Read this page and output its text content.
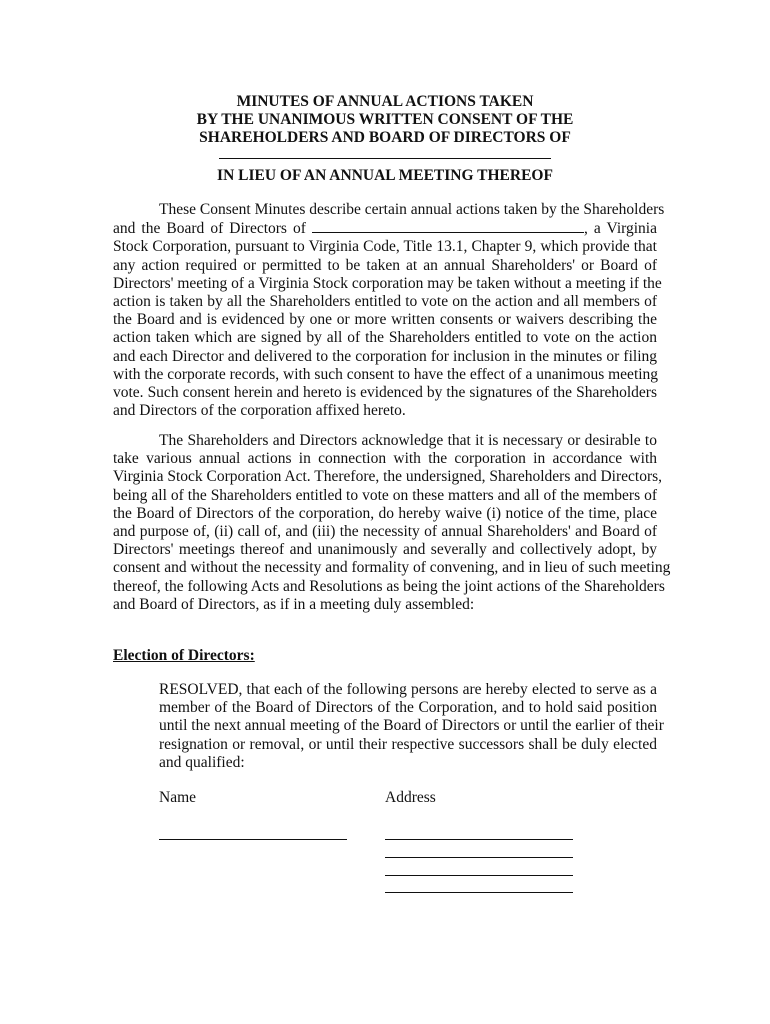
MINUTES OF ANNUAL ACTIONS TAKEN
BY THE UNANIMOUS WRITTEN CONSENT OF THE
SHAREHOLDERS AND BOARD OF DIRECTORS OF
IN LIEU OF AN ANNUAL MEETING THEREOF
These Consent Minutes describe certain annual actions taken by the Shareholders
and the Board of Directors of	, a Virginia
Stock Corporation, pursuant to Virginia Code, Title 13.1, Chapter 9, which provide that
any action required or permitted to be taken at an annual Shareholders' or Board of
Directors' meeting of a Virginia Stock corporation may be taken without a meeting if the
action is taken by all the Shareholders entitled to vote on the action and all members of
the Board and is evidenced by one or more written consents or waivers describing the
action taken which are signed by all of the Shareholders entitled to vote on the action
and each Director and delivered to the corporation for inclusion in the minutes or filing
with the corporate records, with such consent to have the effect of a unanimous meeting
vote. Such consent herein and hereto is evidenced by the signatures of the Shareholders
and Directors of the corporation affixed hereto.
The Shareholders and Directors acknowledge that it is necessary or desirable to
take various annual actions in connection with the corporation in accordance with
Virginia Stock Corporation Act. Therefore, the undersigned, Shareholders and Directors,
being all of the Shareholders entitled to vote on these matters and all of the members of
the Board of Directors of the corporation, do hereby waive (i) notice of the time, place
and purpose of, (ii) call of, and (iii) the necessity of annual Shareholders' and Board of
Directors' meetings thereof and unanimously and severally and collectively adopt, by
consent and without the necessity and formality of convening, and in lieu of such meeting
thereof, the following Acts and Resolutions as being the joint actions of the Shareholders
and Board of Directors, as if in a meeting duly assembled:
Election of Directors:
RESOLVED, that each of the following persons are hereby elected to serve as a
member of the Board of Directors of the Corporation, and to hold said position
until the next annual meeting of the Board of Directors or until the earlier of their
resignation or removal, or until their respective successors shall be duly elected
and qualified:
Name	Address
